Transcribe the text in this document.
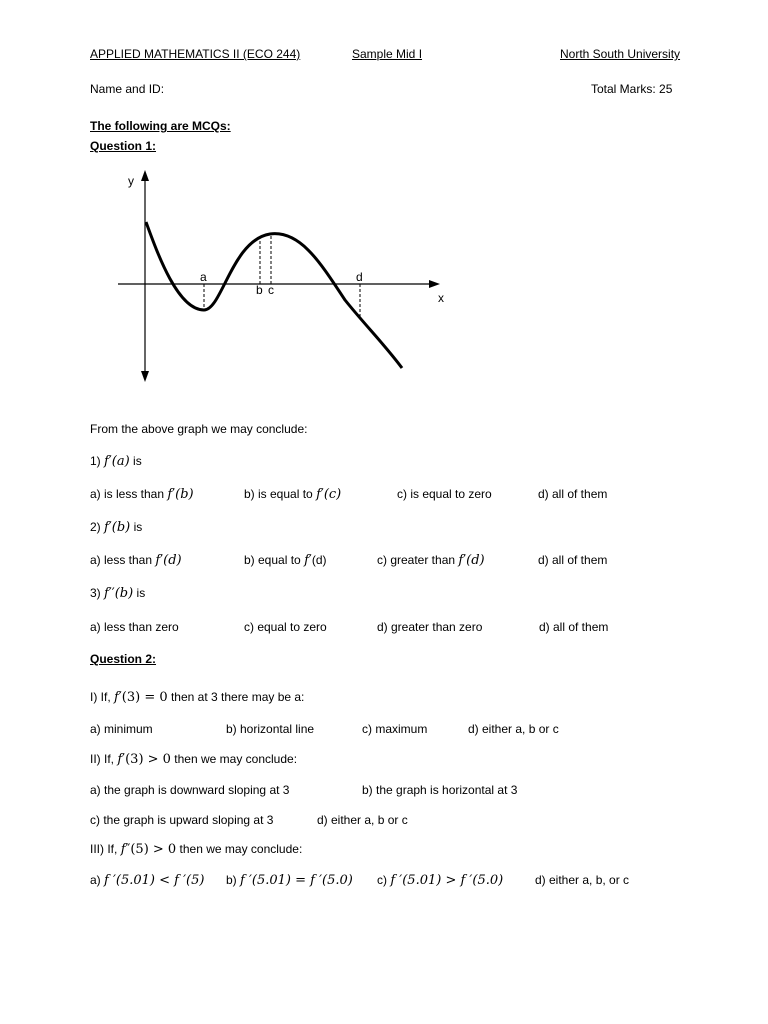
APPLIED MATHEMATICS II (ECO 244)	Sample Mid I	North South University
Name and ID:	Total Marks: 25
The following are MCQs:
Question 1:
y
x
a
b c
d
From the above graph we may conclude:
1) f′(a) is
a) is less than f′(b)	b) is equal to f′(c)	c) is equal to zero	d) all of them
2) f′(b) is
a) less than f′(d)	b) equal to f′(d)	c) greater than f′(d)	d) all of them
3) f′′(b) is
a) less than zero	c) equal to zero	d) greater than zero	d) all of them
Question 2:
I) If, f′(3) = 0 then at 3 there may be a:
a) minimum	b) horizontal line	c) maximum	d) either a, b or c
II) If, f′(3) > 0 then we may conclude:
a) the graph is downward sloping at 3	b) the graph is horizontal at 3
c) the graph is upward sloping at 3	d) either a, b or c
III) If, f″(5) > 0 then we may conclude:
a) f ′(5.01) < f ′(5) b) f ′(5.01) = f ′(5.0) c) f ′(5.01) > f ′(5.0)	d) either a, b, or c
